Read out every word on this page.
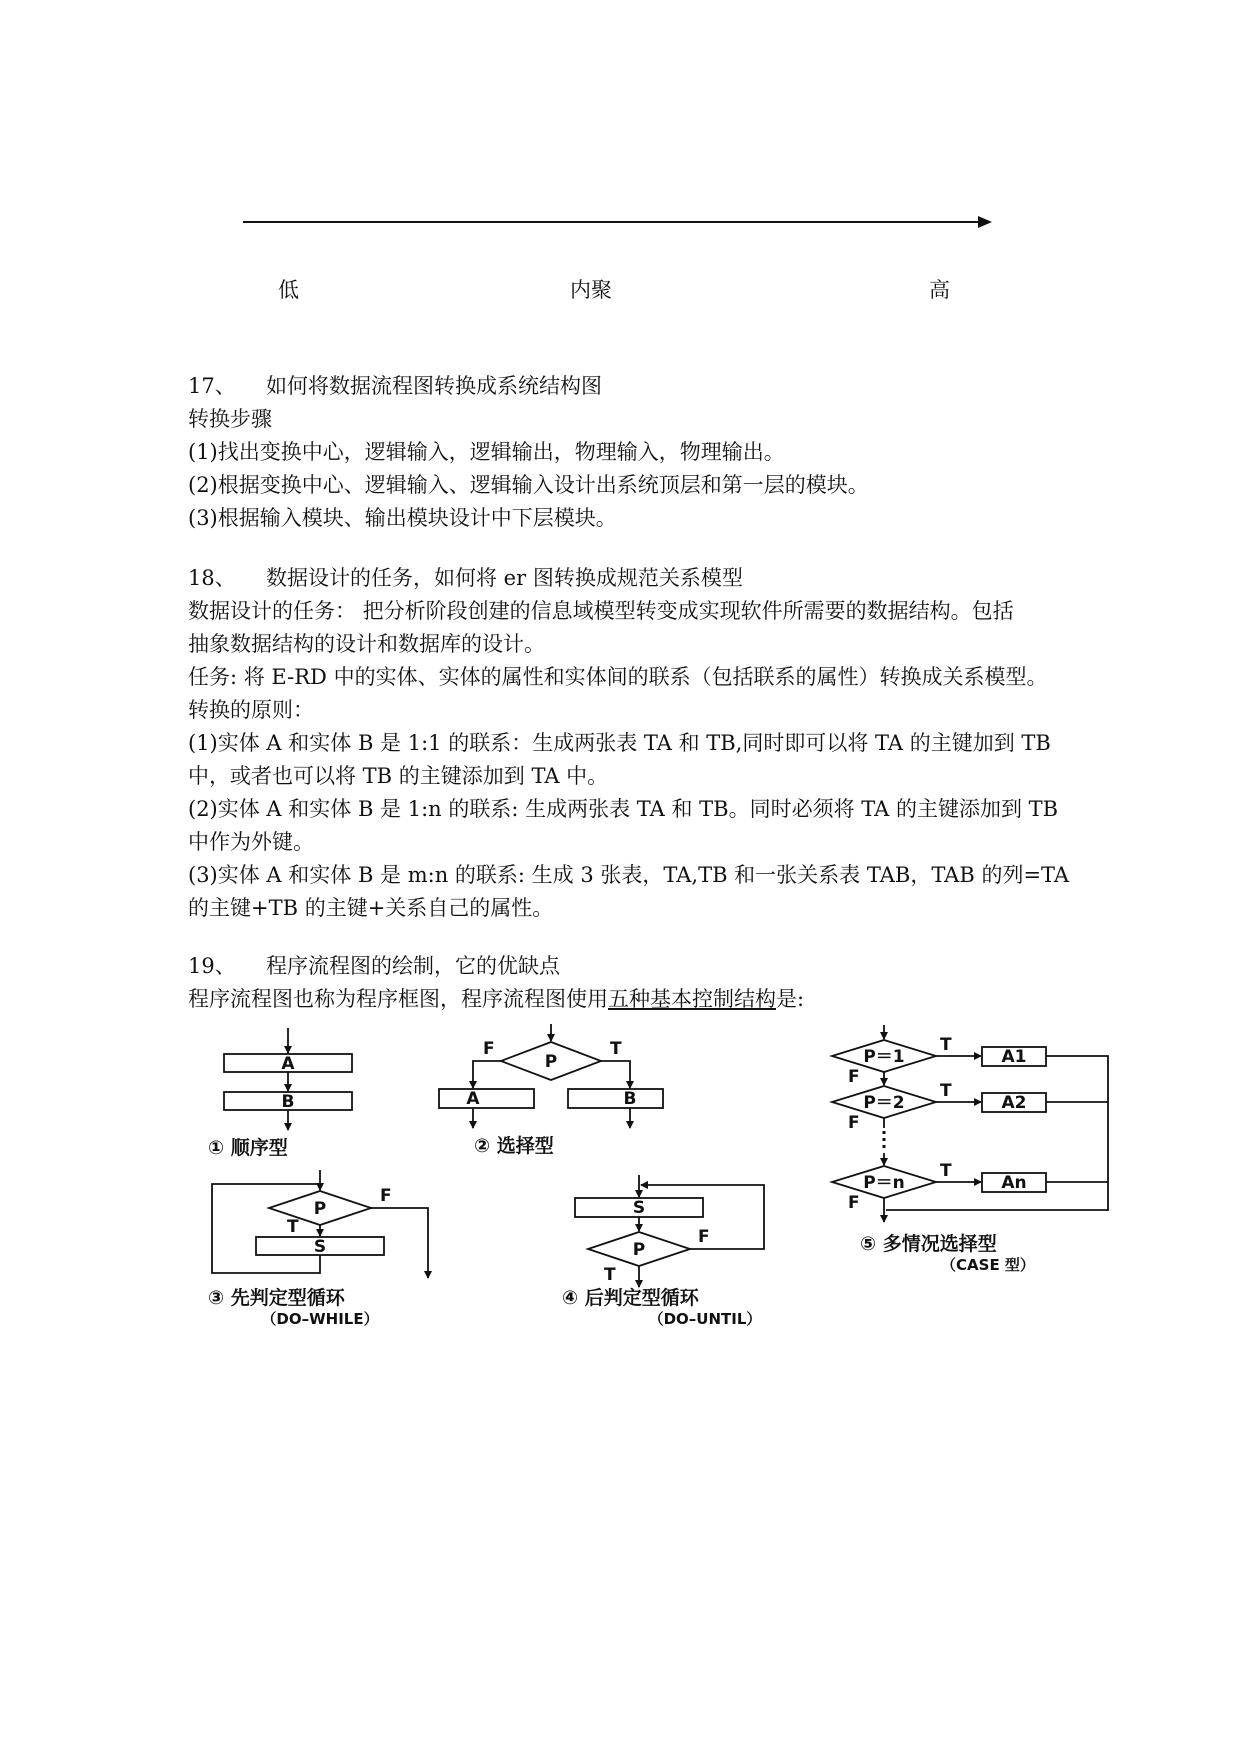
低	内聚	高

17、 如何将数据流程图转换成系统结构图

转换步骤

(1)找出变换中心，逻辑输入，逻辑输出，物理输入，物理输出。

(2)根据变换中心、逻辑输入、逻辑输入设计出系统顶层和第一层的模块。

(3)根据输入模块、输出模块设计中下层模块。

18、 数据设计的任务，如何将 er 图转换成规范关系模型

数据设计的任务： 把分析阶段创建的信息域模型转变成实现软件所需要的数据结构。包括

抽象数据结构的设计和数据库的设计。

任务: 将 E-RD 中的实体、实体的属性和实体间的联系（包括联系的属性）转换成关系模型。

转换的原则：

(1)实体 A 和实体 B 是 1:1 的联系：生成两张表 TA 和 TB,同时即可以将 TA 的主键加到 TB

中，或者也可以将 TB 的主键添加到 TA 中。

(2)实体 A 和实体 B 是 1:n 的联系: 生成两张表 TA 和 TB。同时必须将 TA 的主键添加到 TB

中作为外键。

(3)实体 A 和实体 B 是 m:n 的联系: 生成 3 张表，TA,TB 和一张关系表 TAB，TAB 的列=TA

的主键+TB 的主键+关系自己的属性。

19、 程序流程图的绘制，它的优缺点

程序流程图也称为程序框图，程序流程图使用五种基本控制结构是:

A
B
P
F	T
A	B
P
F
T
S
S
P
F
T
P＝1	A1
T
F
P＝2	A2
T
F
P＝n	An
T
F
① 顺序型	② 选择型
③ 先判定型循环	④ 后判定型循环
⑤ 多情况选择型
（DO–WHILE）	（DO–UNTIL）
（CASE 型）
